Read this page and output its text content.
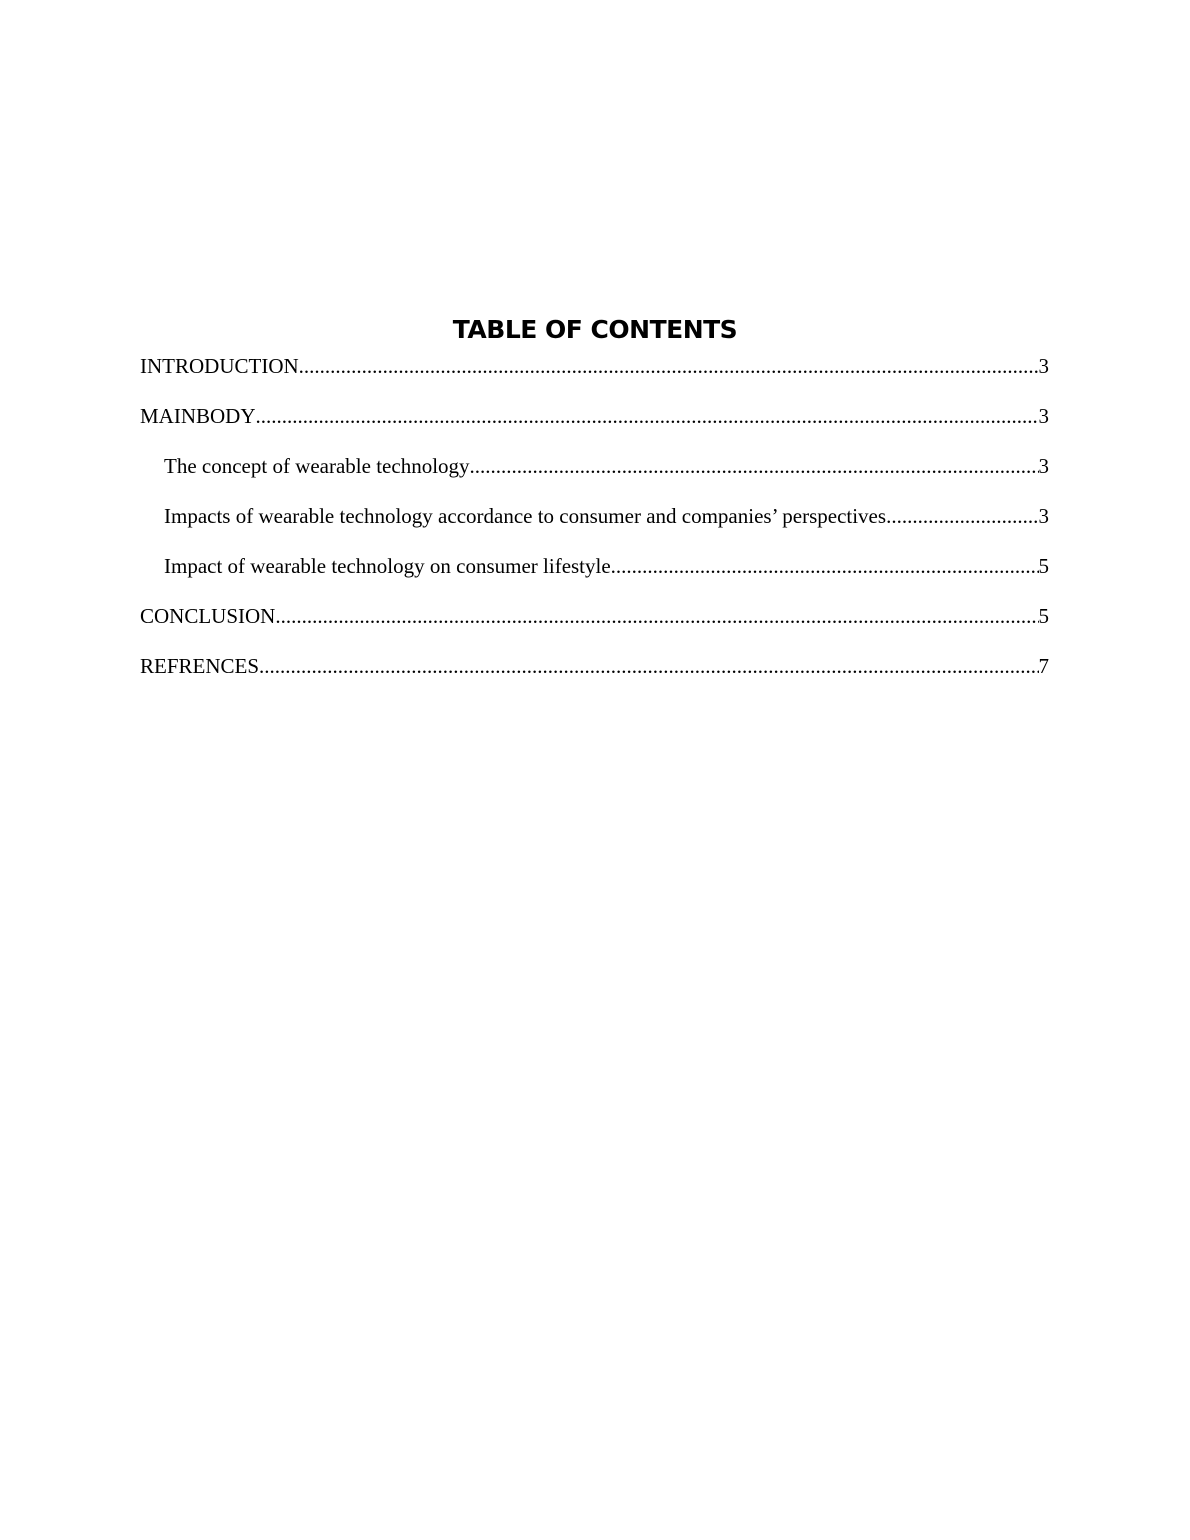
TABLE OF CONTENTS
INTRODUCTION .....	3
MAINBODY .....	3
The concept of wearable technology .....	3
Impacts of wearable technology accordance to consumer and companies’ perspectives .....	3
Impact of wearable technology on consumer lifestyle .....	5
CONCLUSION .....	5
REFRENCES .....	7
